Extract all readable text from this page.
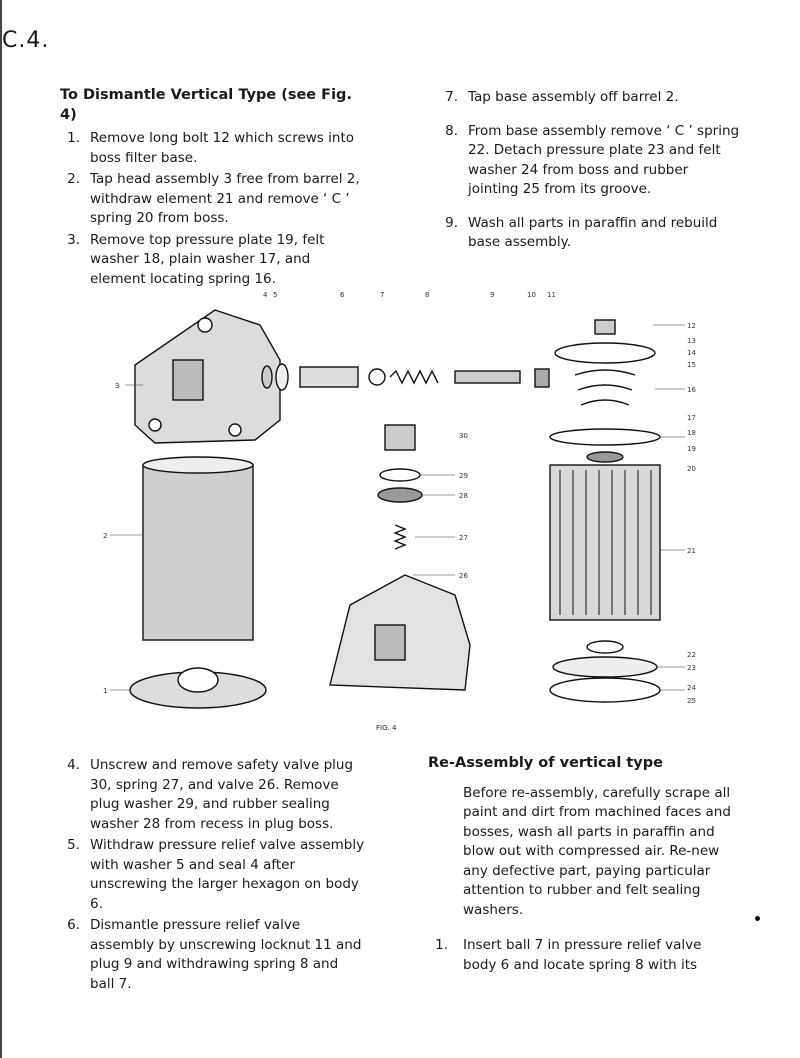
C.4.
To Dismantle Vertical Type (see Fig. 4)
1. Remove long bolt 12 which screws into boss filter base.
2. Tap head assembly 3 free from barrel 2, withdraw element 21 and remove ‘ C ’ spring 20 from boss.
3. Remove top pressure plate 19, felt washer 18, plain washer 17, and element locating spring 16.
7. Tap base assembly off barrel 2.
8. From base assembly remove ‘ C ’ spring 22. Detach pressure plate 23 and felt washer 24 from boss and rubber jointing 25 from its groove.
9. Wash all parts in paraffin and rebuild base assembly.
4 5	6	7	8	9	10 11
12
13
14
15
16
17
18
19
20
21
22
23
24
25
26
27
28
29
30
3
2
1
FIG. 4
4. Unscrew and remove safety valve plug 30, spring 27, and valve 26. Remove plug washer 29, and rubber sealing washer 28 from recess in plug boss.
5. Withdraw pressure relief valve assembly with washer 5 and seal 4 after unscrewing the larger hexagon on body 6.
6. Dismantle pressure relief valve assembly by unscrewing locknut 11 and plug 9 and withdrawing spring 8 and ball 7.
Re-Assembly of vertical type
Before re-assembly, carefully scrape all paint and dirt from machined faces and bosses, wash all parts in paraffin and blow out with compressed air. Re-new any defective part, paying particular attention to rubber and felt sealing washers.
1. Insert ball 7 in pressure relief valve body 6 and locate spring 8 with its
